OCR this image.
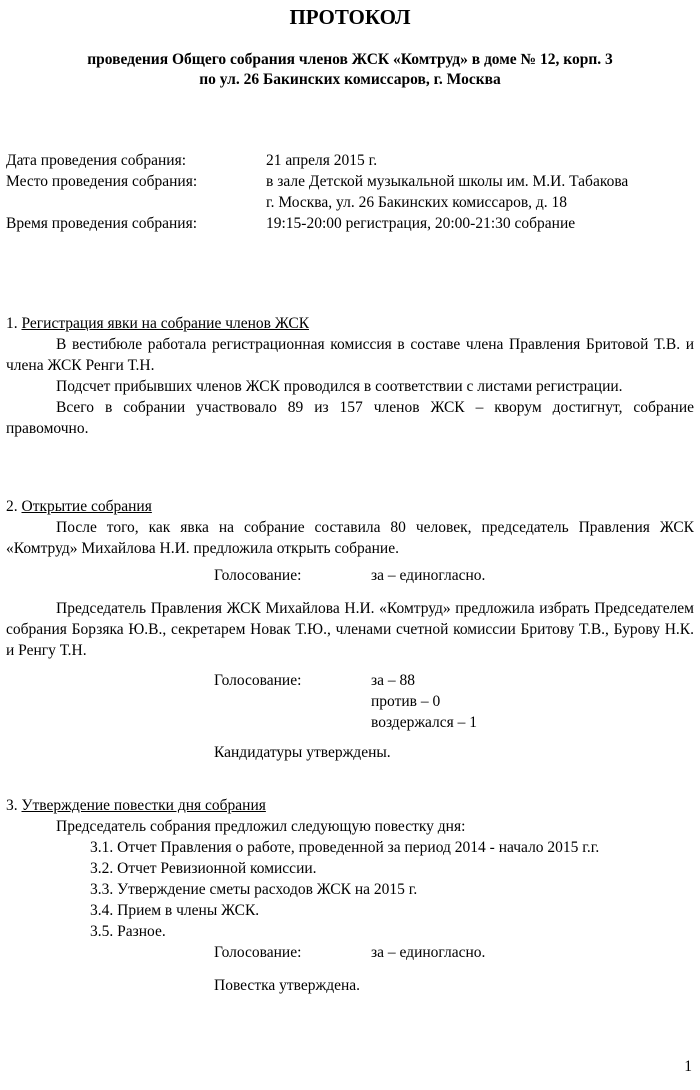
ПРОТОКОЛ
проведения Общего собрания членов ЖСК «Комтруд» в доме № 12, корп. 3
по ул. 26 Бакинских комиссаров, г. Москва
Дата проведения собрания:	21 апреля 2015 г.
Место проведения собрания:	в зале Детской музыкальной школы им. М.И. Табакова
г. Москва, ул. 26 Бакинских комиссаров, д. 18
Время проведения собрания:	19:15-20:00 регистрация, 20:00-21:30 собрание
1. Регистрация явки на собрание членов ЖСК

В вестибюле работала регистрационная комиссия в составе члена Правления Бритовой Т.В. и члена ЖСК Ренги Т.Н.

Подсчет прибывших членов ЖСК проводился в соответствии с листами регистрации.

Всего в собрании участвовало 89 из 157 членов ЖСК – кворум достигнут, собрание правомочно.

2. Открытие собрания

После того, как явка на собрание составила 80 человек, председатель Правления ЖСК «Комтруд» Михайлова Н.И. предложила открыть собрание.

Голосование:	за – единогласно.

Председатель Правления ЖСК Михайлова Н.И. «Комтруд» предложила избрать Председателем собрания Борзяка Ю.В., секретарем Новак Т.Ю., членами счетной комиссии Бритову Т.В., Бурову Н.К. и Ренгу Т.Н.

Голосование:	за – 88
против – 0
воздержался – 1
Кандидатуры утверждены.
3. Утверждение повестки дня собрания
Председатель собрания предложил следующую повестку дня:
3.1. Отчет Правления о работе, проведенной за период 2014 - начало 2015 г.г.
3.2. Отчет Ревизионной комиссии.
3.3. Утверждение сметы расходов ЖСК на 2015 г.
3.4. Прием в члены ЖСК.
3.5. Разное.
Голосование:	за – единогласно.
Повестка утверждена.
1
